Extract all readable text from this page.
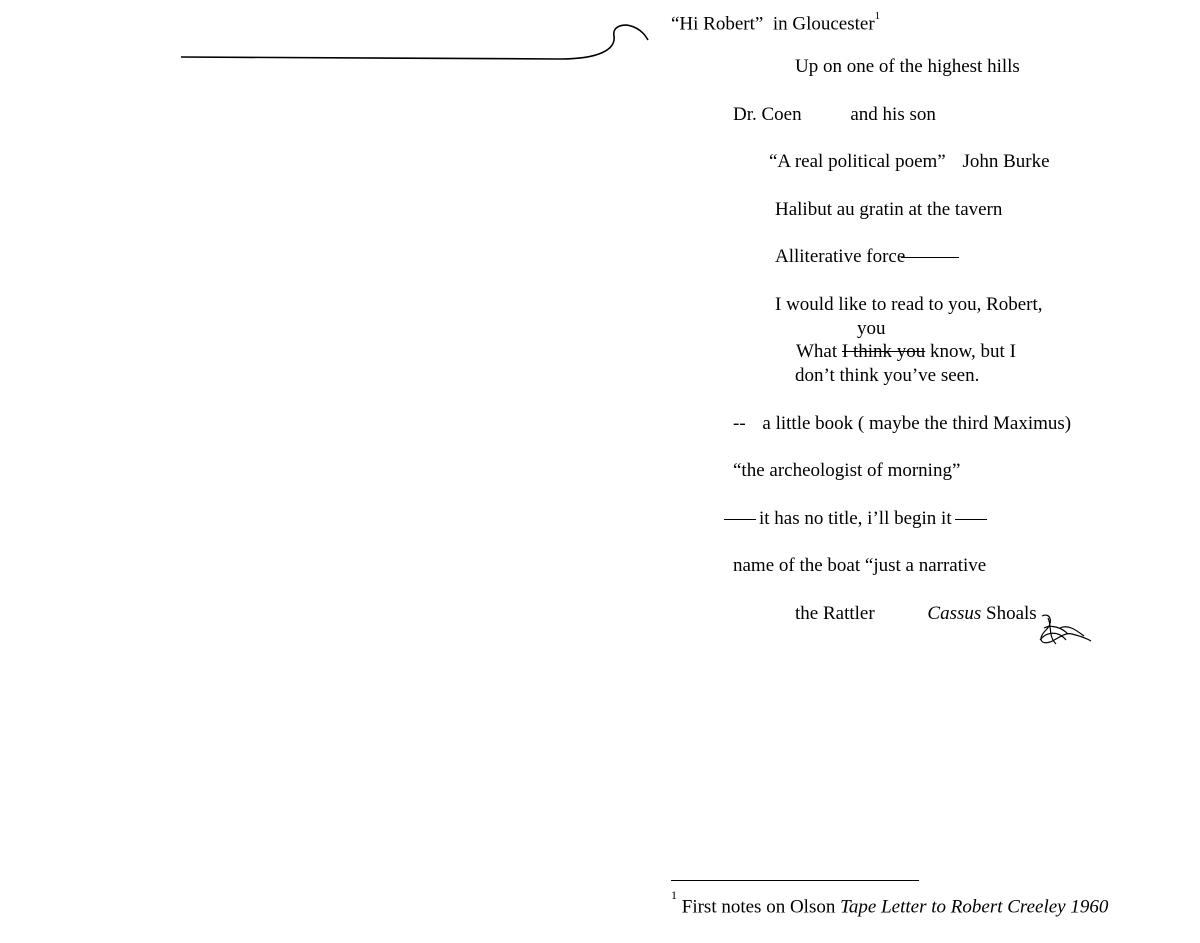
“Hi Robert” in Gloucester$^1$
Up on one of the highest hills
Dr. Coen	and his son
“A real political poem” John Burke
Halibut au gratin at the tavern
Alliterative force
I would like to read to you, Robert,
you
What I think you know, but I
don’t think you’ve seen.
-- a little book ( maybe the third Maximus)
“the archeologist of morning”
it has no title, i’ll begin it
name of the boat “just a narrative
the Rattler	Cassus Shoals
$^1$ First notes on Olson Tape Letter to Robert Creeley 1960
